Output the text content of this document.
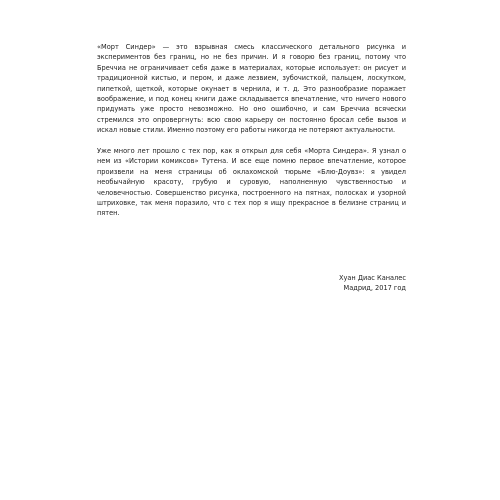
«Морт Синдер» — это взрывная смесь классического детального рисунка и экспериментов без границ, но не без причин. И я говорю без границ, потому что Бреччиа не ограничивает себя даже в материалах, которые использует: он рисует и традиционной кистью, и пером, и даже лезвием, зубочисткой, пальцем, лоскутком, пипеткой, щеткой, которые окунает в чернила, и т. д. Это разнообразие поражает воображение, и под конец книги даже складывается впечатление, что ничего нового придумать уже просто невозможно. Но оно ошибочно, и сам Бреччиа всячески стремился это опровергнуть: всю свою карьеру он постоянно бросал себе вызов и искал новые стили. Именно поэтому его работы никогда не потеряют актуальности.

Уже много лет прошло с тех пор, как я открыл для себя «Морта Синдера». Я узнал о нем из «Истории комиксов» Тутена. И все еще помню первое впечатление, которое произвели на меня страницы об оклахомской тюрьме «Блю-Доувз»: я увидел необычайную красоту, грубую и суровую, наполненную чувственностью и человечностью. Совершенство рисунка, построенного на пятнах, полосках и узорной штриховке, так меня поразило, что с тех пор я ищу прекрасное в белизне страниц и пятен.

Хуан Диас Каналес
Мадрид, 2017 год
